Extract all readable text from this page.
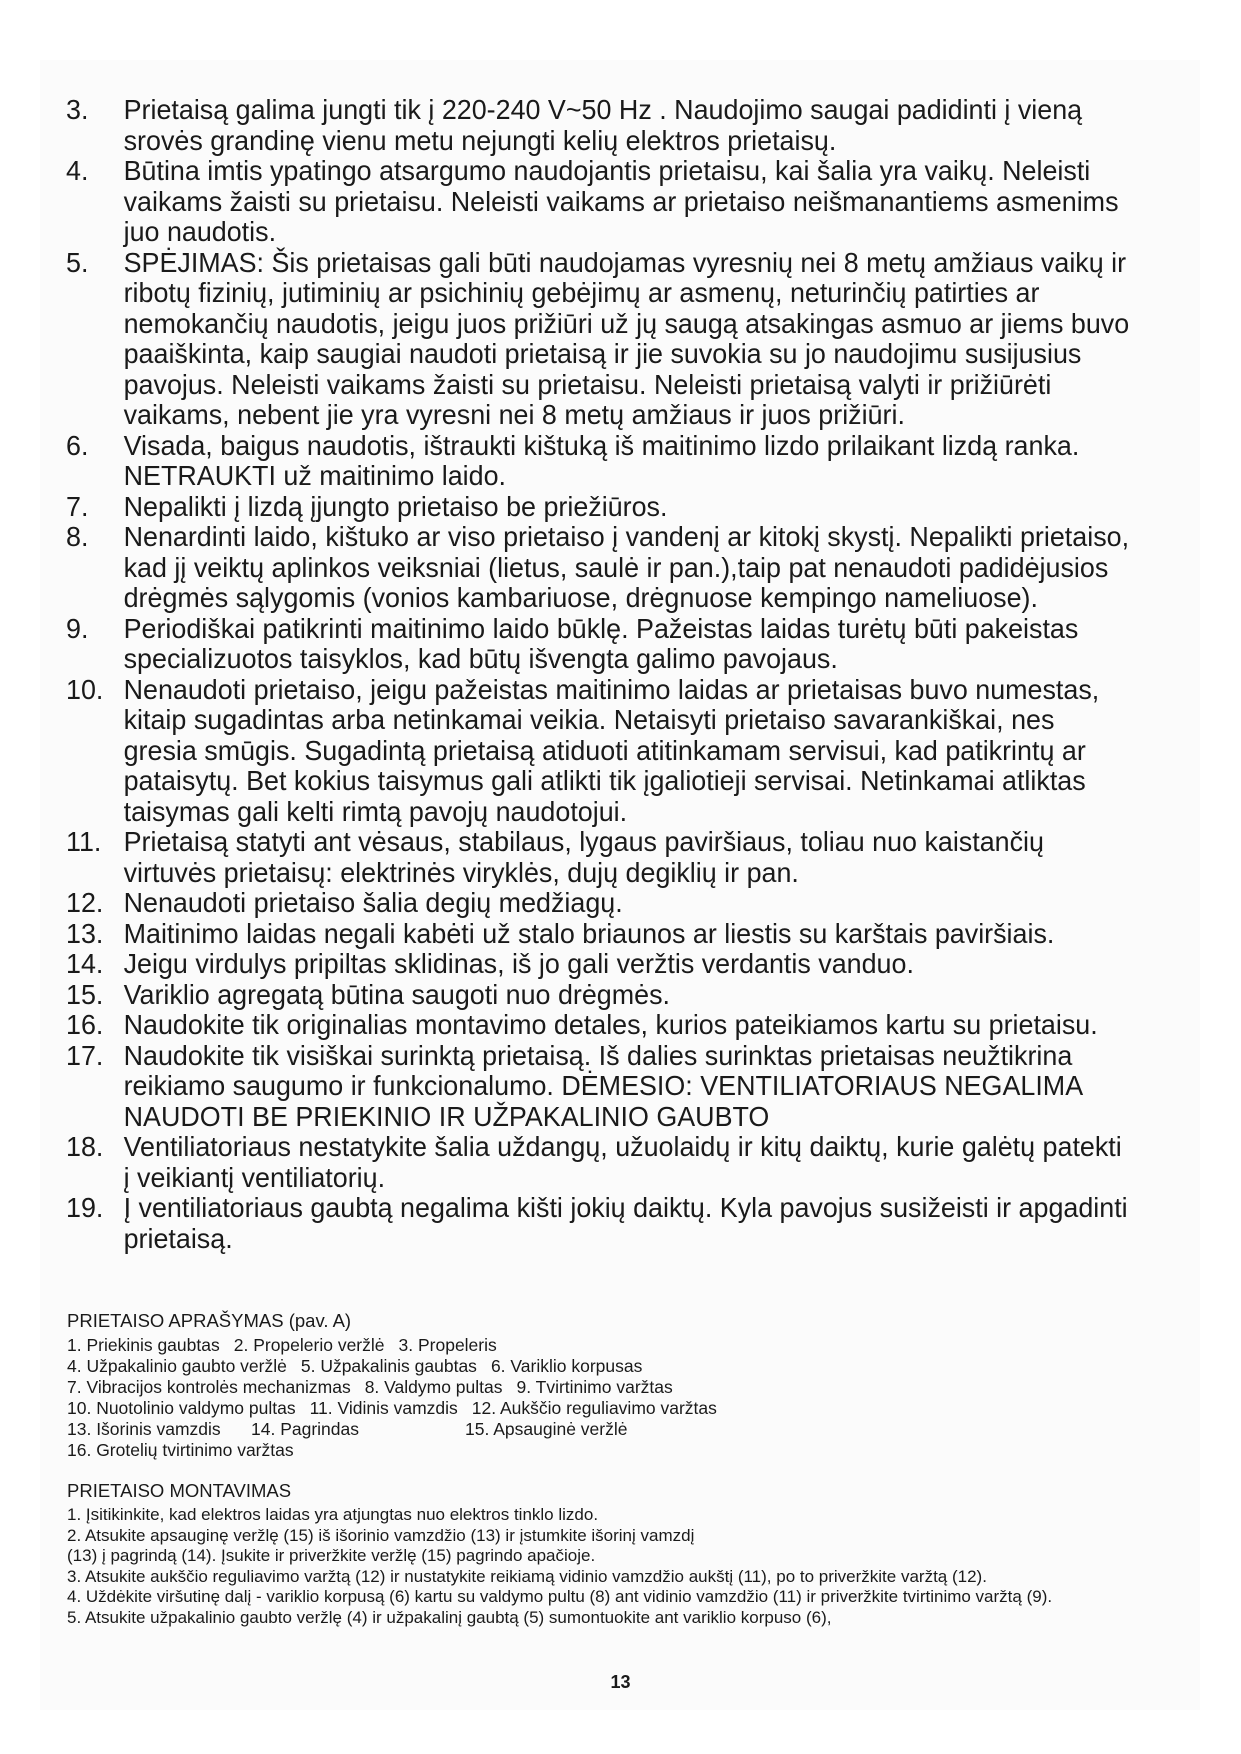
3. Prietaisą galima jungti tik į 220-240 V~50 Hz . Naudojimo saugai padidinti į vieną srovės grandinę vienu metu nejungti kelių elektros prietaisų.
4. Būtina imtis ypatingo atsargumo naudojantis prietaisu, kai šalia yra vaikų. Neleisti vaikams žaisti su prietaisu. Neleisti vaikams ar prietaiso neišmanantiems asmenims juo naudotis.
5. SPĖJIMAS: Šis prietaisas gali būti naudojamas vyresnių nei 8 metų amžiaus vaikų ir ribotų fizinių, jutiminių ar psichinių gebėjimų ar asmenų, neturinčių patirties ar nemokančių naudotis, jeigu juos prižiūri už jų saugą atsakingas asmuo ar jiems buvo paaiškinta, kaip saugiai naudoti prietaisą ir jie suvokia su jo naudojimu susijusius pavojus. Neleisti vaikams žaisti su prietaisu. Neleisti prietaisą valyti ir prižiūrėti vaikams, nebent jie yra vyresni nei 8 metų amžiaus ir juos prižiūri.
6. Visada, baigus naudotis, ištraukti kištuką iš maitinimo lizdo prilaikant lizdą ranka. NETRAUKTI už maitinimo laido.
7. Nepalikti į lizdą įjungto prietaiso be priežiūros.
8. Nenardinti laido, kištuko ar viso prietaiso į vandenį ar kitokį skystį. Nepalikti prietaiso, kad jį veiktų aplinkos veiksniai (lietus, saulė ir pan.),taip pat nenaudoti padidėjusios drėgmės sąlygomis (vonios kambariuose, drėgnuose kempingo nameliuose).
9. Periodiškai patikrinti maitinimo laido būklę. Pažeistas laidas turėtų būti pakeistas specializuotos taisyklos, kad būtų išvengta galimo pavojaus.
10. Nenaudoti prietaiso, jeigu pažeistas maitinimo laidas ar prietaisas buvo numestas, kitaip sugadintas arba netinkamai veikia. Netaisyti prietaiso savarankiškai, nes gresia smūgis. Sugadintą prietaisą atiduoti atitinkamam servisui, kad patikrintų ar pataisytų. Bet kokius taisymus gali atlikti tik įgaliotieji servisai. Netinkamai atliktas taisymas gali kelti rimtą pavojų naudotojui.
11. Prietaisą statyti ant vėsaus, stabilaus, lygaus paviršiaus, toliau nuo kaistančių virtuvės prietaisų: elektrinės viryklės, dujų degiklių ir pan.
12. Nenaudoti prietaiso šalia degių medžiagų.
13. Maitinimo laidas negali kabėti už stalo briaunos ar liestis su karštais paviršiais.
14. Jeigu virdulys pripiltas sklidinas, iš jo gali veržtis verdantis vanduo.
15. Variklio agregatą būtina saugoti nuo drėgmės.
16. Naudokite tik originalias montavimo detales, kurios pateikiamos kartu su prietaisu.
17. Naudokite tik visiškai surinktą prietaisą. Iš dalies surinktas prietaisas neužtikrina reikiamo saugumo ir funkcionalumo. DĖMESIO: VENTILIATORIAUS NEGALIMA NAUDOTI BE PRIEKINIO IR UŽPAKALINIO GAUBTO
18. Ventiliatoriaus nestatykite šalia uždangų, užuolaidų ir kitų daiktų, kurie galėtų patekti į veikiantį ventiliatorių.
19. Į ventiliatoriaus gaubtą negalima kišti jokių daiktų. Kyla pavojus susižeisti ir apgadinti prietaisą.
PRIETAISO APRAŠYMAS (pav. A)
1. Priekinis gaubtas 2. Propelerio veržlė 3. Propeleris
4. Užpakalinio gaubto veržlė 5. Užpakalinis gaubtas 6. Variklio korpusas
7. Vibracijos kontrolės mechanizmas 8. Valdymo pultas 9. Tvirtinimo varžtas
10. Nuotolinio valdymo pultas 11. Vidinis vamzdis 12. Aukščio reguliavimo varžtas
13. Išorinis vamzdis	14. Pagrindas	15. Apsauginė veržlė
16. Grotelių tvirtinimo varžtas
PRIETAISO MONTAVIMAS
1. Įsitikinkite, kad elektros laidas yra atjungtas nuo elektros tinklo lizdo.
2. Atsukite apsauginę veržlę (15) iš išorinio vamzdžio (13) ir įstumkite išorinį vamzdį
(13) į pagrindą (14). Įsukite ir priveržkite veržlę (15) pagrindo apačioje.
3. Atsukite aukščio reguliavimo varžtą (12) ir nustatykite reikiamą vidinio vamzdžio aukštį (11), po to priveržkite varžtą (12).
4. Uždėkite viršutinę dalį - variklio korpusą (6) kartu su valdymo pultu (8) ant vidinio vamzdžio (11) ir priveržkite tvirtinimo varžtą (9).
5. Atsukite užpakalinio gaubto veržlę (4) ir užpakalinį gaubtą (5) sumontuokite ant variklio korpuso (6),
13
